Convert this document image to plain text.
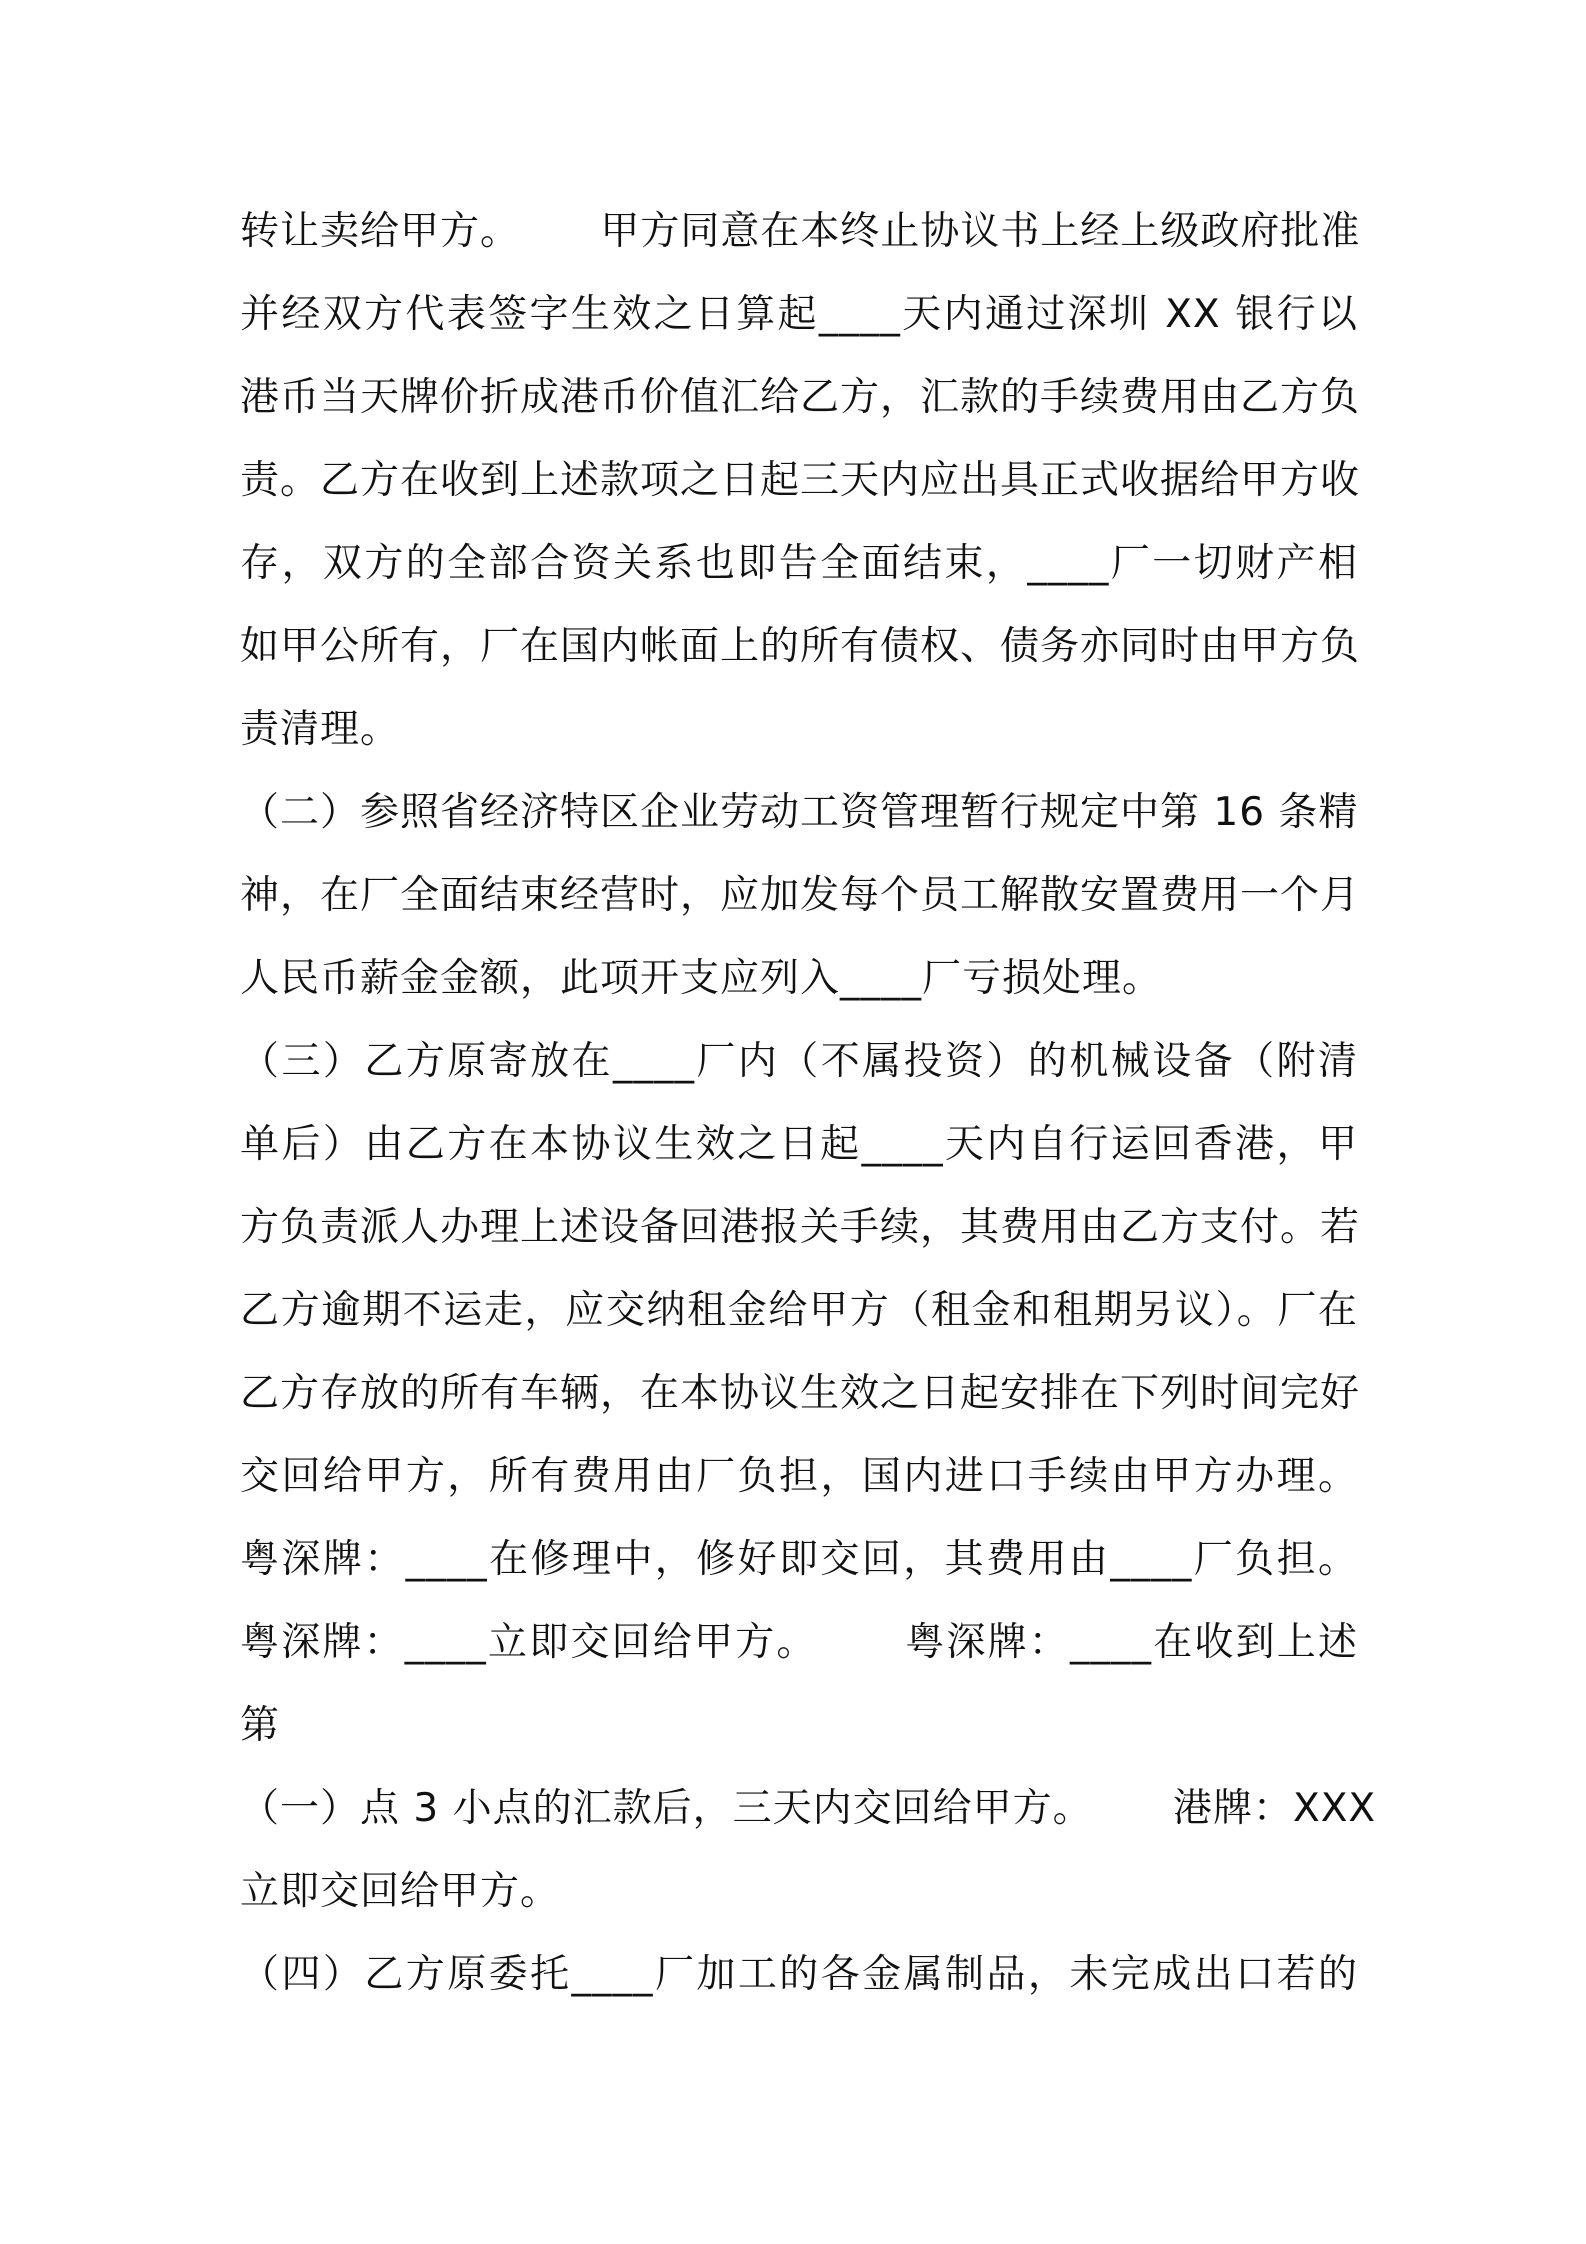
转让卖给甲方。      甲方同意在本终止协议书上经上级政府批准
并经双方代表签字生效之日算起____天内通过深圳 XX 银行以
港币当天牌价折成港币价值汇给乙方，汇款的手续费用由乙方负
责。乙方在收到上述款项之日起三天内应出具正式收据给甲方收
存，双方的全部合资关系也即告全面结束，____厂一切财产相
如甲公所有，厂在国内帐面上的所有债权、债务亦同时由甲方负
责清理。
（二）参照省经济特区企业劳动工资管理暂行规定中第 16 条精
神，在厂全面结束经营时，应加发每个员工解散安置费用一个月
人民币薪金金额，此项开支应列入____厂亏损处理。
（三）乙方原寄放在____厂内（不属投资）的机械设备（附清
单后）由乙方在本协议生效之日起____天内自行运回香港，甲
方负责派人办理上述设备回港报关手续，其费用由乙方支付。若
乙方逾期不运走，应交纳租金给甲方（租金和租期另议）。厂在
乙方存放的所有车辆，在本协议生效之日起安排在下列时间完好
交回给甲方，所有费用由厂负担，国内进口手续由甲方办理。
粤深牌：____在修理中，修好即交回，其费用由____厂负担。
粤深牌：____立即交回给甲方。      粤深牌：____在收到上述
第
（一）点 3 小点的汇款后，三天内交回给甲方。      港牌：XXX
立即交回给甲方。
（四）乙方原委托____厂加工的各金属制品，未完成出口若的
